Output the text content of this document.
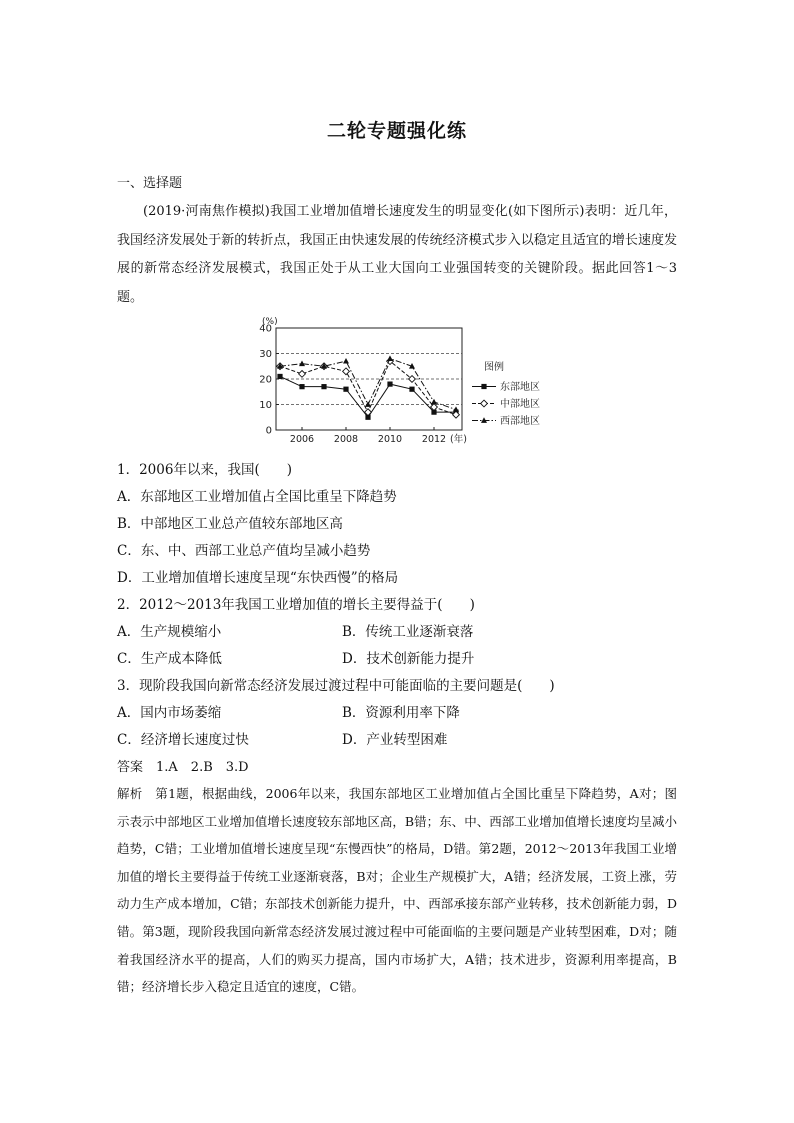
二轮专题强化练
一、选择题
(2019·河南焦作模拟)我国工业增加值增长速度发生的明显变化(如下图所示)表明：近几年，我国经济发展处于新的转折点，我国正由快速发展的传统经济模式步入以稳定且适宜的增长速度发展的新常态经济发展模式，我国正处于从工业大国向工业强国转变的关键阶段。据此回答1～3题。
0
10
20
30
40
(%)
2006 2008 2010 2012 (年)
图例
东部地区
中部地区
西部地区
1．2006年以来，我国(　　)
A．东部地区工业增加值占全国比重呈下降趋势
B．中部地区工业总产值较东部地区高
C．东、中、西部工业总产值均呈减小趋势
D．工业增加值增长速度呈现“东快西慢”的格局
2．2012～2013年我国工业增加值的增长主要得益于(　　)
A．生产规模缩小	B．传统工业逐渐衰落
C．生产成本降低	D．技术创新能力提升
3．现阶段我国向新常态经济发展过渡过程中可能面临的主要问题是(　　)
A．国内市场萎缩	B．资源利用率下降
C．经济增长速度过快	D．产业转型困难
答案　1.A　2.B　3.D
解析　第1题，根据曲线，2006年以来，我国东部地区工业增加值占全国比重呈下降趋势，A对；图示表示中部地区工业增加值增长速度较东部地区高，B错；东、中、西部工业增加值增长速度均呈减小趋势，C错；工业增加值增长速度呈现“东慢西快”的格局，D错。第2题，2012～2013年我国工业增加值的增长主要得益于传统工业逐渐衰落，B对；企业生产规模扩大，A错；经济发展，工资上涨，劳动力生产成本增加，C错；东部技术创新能力提升，中、西部承接东部产业转移，技术创新能力弱，D错。第3题，现阶段我国向新常态经济发展过渡过程中可能面临的主要问题是产业转型困难，D对；随着我国经济水平的提高，人们的购买力提高，国内市场扩大，A错；技术进步，资源利用率提高，B错；经济增长步入稳定且适宜的速度，C错。
